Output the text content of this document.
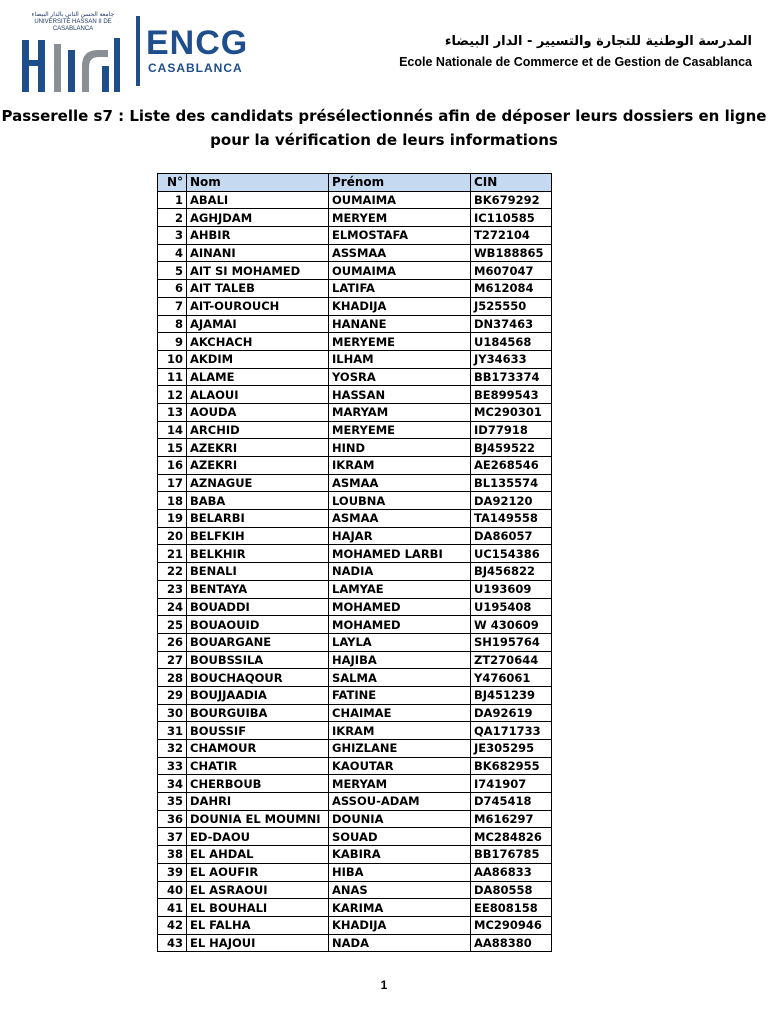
جامعة الحسن الثاني بالدار البيضاء
UNIVERSITÉ HASSAN II DE CASABLANCA	ENCG
CASABLANCA
المدرسة الوطنية للتجارة والتسيير - الدار البيضاء
Ecole Nationale de Commerce et de Gestion de Casablanca
Passerelle s7 : Liste des candidats présélectionnés afin de déposer leurs dossiers en ligne
pour la vérification de leurs informations
N°	Nom	Prénom	CIN
1	ABALI	OUMAIMA	BK679292
2	AGHJDAM	MERYEM	IC110585
3	AHBIR	ELMOSTAFA	T272104
4	AINANI	ASSMAA	WB188865
5	AIT SI MOHAMED	OUMAIMA	M607047
6	AIT TALEB	LATIFA	M612084
7	AIT-OUROUCH	KHADIJA	J525550
8	AJAMAI	HANANE	DN37463
9	AKCHACH	MERYEME	U184568
10	AKDIM	ILHAM	JY34633
11	ALAME	YOSRA	BB173374
12	ALAOUI	HASSAN	BE899543
13	AOUDA	MARYAM	MC290301
14	ARCHID	MERYEME	ID77918
15	AZEKRI	HIND	BJ459522
16	AZEKRI	IKRAM	AE268546
17	AZNAGUE	ASMAA	BL135574
18	BABA	LOUBNA	DA92120
19	BELARBI	ASMAA	TA149558
20	BELFKIH	HAJAR	DA86057
21	BELKHIR	MOHAMED LARBI	UC154386
22	BENALI	NADIA	BJ456822
23	BENTAYA	LAMYAE	U193609
24	BOUADDI	MOHAMED	U195408
25	BOUAOUID	MOHAMED	W 430609
26	BOUARGANE	LAYLA	SH195764
27	BOUBSSILA	HAJIBA	ZT270644
28	BOUCHAQOUR	SALMA	Y476061
29	BOUJJAADIA	FATINE	BJ451239
30	BOURGUIBA	CHAIMAE	DA92619
31	BOUSSIF	IKRAM	QA171733
32	CHAMOUR	GHIZLANE	JE305295
33	CHATIR	KAOUTAR	BK682955
34	CHERBOUB	MERYAM	I741907
35	DAHRI	ASSOU-ADAM	D745418
36	DOUNIA EL MOUMNI	DOUNIA	M616297
37	ED-DAOU	SOUAD	MC284826
38	EL AHDAL	KABIRA	BB176785
39	EL AOUFIR	HIBA	AA86833
40	EL ASRAOUI	ANAS	DA80558
41	EL BOUHALI	KARIMA	EE808158
42	EL FALHA	KHADIJA	MC290946
43	EL HAJOUI	NADA	AA88380
1
